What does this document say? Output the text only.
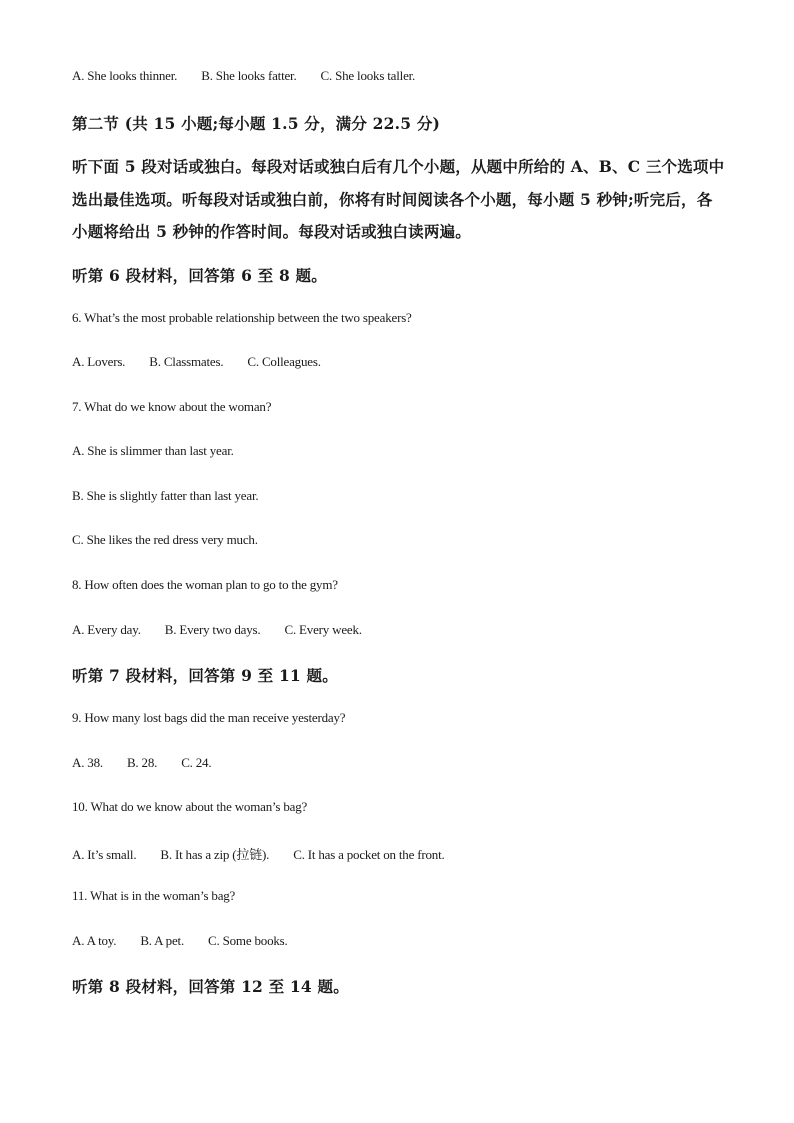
A. She looks thinner. B. She looks fatter. C. She looks taller.

第二节 (共 15 小题;每小题 1.5 分，满分 22.5 分)

听下面 5 段对话或独白。每段对话或独白后有几个小题，从题中所给的 A、B、C 三个选项中

选出最佳选项。听每段对话或独白前，你将有时间阅读各个小题，每小题 5 秒钟;听完后，各

小题将给出 5 秒钟的作答时间。每段对话或独白读两遍。

听第 6 段材料，回答第 6 至 8 题。

6. What’s the most probable relationship between the two speakers?

A. Lovers. B. Classmates. C. Colleagues.

7. What do we know about the woman?

A. She is slimmer than last year.

B. She is slightly fatter than last year.

C. She likes the red dress very much.

8. How often does the woman plan to go to the gym?

A. Every day. B. Every two days. C. Every week.

听第 7 段材料，回答第 9 至 11 题。

9. How many lost bags did the man receive yesterday?

A. 38. B. 28. C. 24.

10. What do we know about the woman’s bag?

A. It’s small. B. It has a zip (拉链). C. It has a pocket on the front.

11. What is in the woman’s bag?

A. A toy. B. A pet. C. Some books.

听第 8 段材料，回答第 12 至 14 题。
